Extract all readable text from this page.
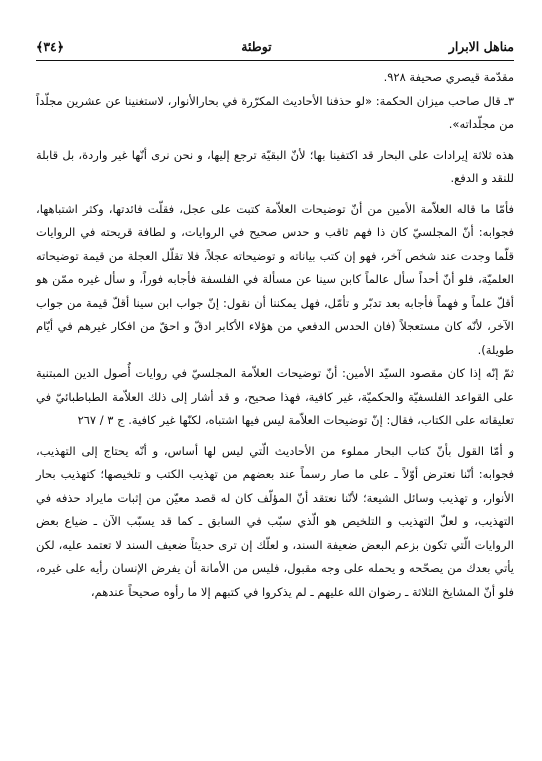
﴿٣٤﴾	توطئة	مناهل الابرار

مقدّمة قيصري صحيفة ٩٢٨.

٣ـ قال صاحب ميزان الحكمة: «لو حذفنا الأحاديث المكرّرة في بحارالأنوار، لاستغنينا عن عشرين مجلّداً من مجلّداته».

هذه ثلاثة إيرادات على البحار قد اكتفينا بها؛ لأنّ البقيّة ترجع إليها، و نحن نرى أنّها غير واردة، بل قابلة للنقد و الدفع.

فأمّا ما قاله العلاّمة الأمين من أنّ توضيحات العلاّمة كتبت على عجل، فقلّت فائدتها، وكثر اشتباهها، فجوابه: أنّ المجلسيّ كان ذا فهم ثاقب و حدس صحيح في الروايات، و لطافة قريحته في الروايات قلّما وجدت عند شخص آخر، فهو إن كتب بياناته و توضيحاته عجلاً، فلا تقلّل العجلة من قيمة توضيحاته العلميّة، فلو أنّ أحداً سأل عالماً كابن سينا عن مسألة في الفلسفة فأجابه فوراً، و سأل غيره ممّن هو أقلّ علماً و فهماً فأجابه بعد تدبّر و تأمّل، فهل يمكننا أن نقول: إنّ جواب ابن سينا أقلّ قيمة من جواب الآخر، لأنّه كان مستعجلاً (فان الحدس الدفعي من هؤلاء الأكابر ادقّ و احقّ من افكار غيرهم في أيّام طويلة).

ثمّ إنّه إذا كان مقصود السيّد الأمين: أنّ توضيحات العلاّمة المجلسيّ في روايات أُصول الدين المبتنية على القواعد الفلسفيّة والحكميّة، غير كافية، فهذا صحيح، و قد أشار إلى ذلك العلاّمة الطباطبائيّ في تعليقاته على الكتاب، فقال: إنّ توضيحات العلاّمة ليس فيها اشتباه، لكنّها غير كافية. ج ٣ / ٢٦٧

و أمّا القول بأنّ كتاب البحار مملوء من الأحاديث الّتي ليس لها أساس، و أنّه يحتاج إلى التهذيب، فجوابه: أنّنا نعترض أوّلاً ـ على ما صار رسماً عند بعضهم من تهذيب الكتب و تلخيصها؛ كتهذيب بحار الأنوار، و تهذيب وسائل الشيعة؛ لأنّنا نعتقد أنّ المؤلّف كان له قصد معيّن من إثبات مايراد حذفه في التهذيب، و لعلّ التهذيب و التلخيص هو الّذي سبّب في السابق ـ كما قد يسبّب الآن ـ ضياع بعض الروايات الّتي تكون بزعم البعض ضعيفة السند، و لعلّك إن ترى حديثاً ضعيف السند لا تعتمد عليه، لكن يأتي بعدك من يصحّحه و يحمله على وجه مقبول، فليس من الأمانة أن يفرض الإنسان رأيه على غيره، فلو أنّ المشايخ الثلاثة ـ رضوان الله عليهم ـ لم يذكروا في كتبهم إلا ما رأوه صحيحاً عندهم،
